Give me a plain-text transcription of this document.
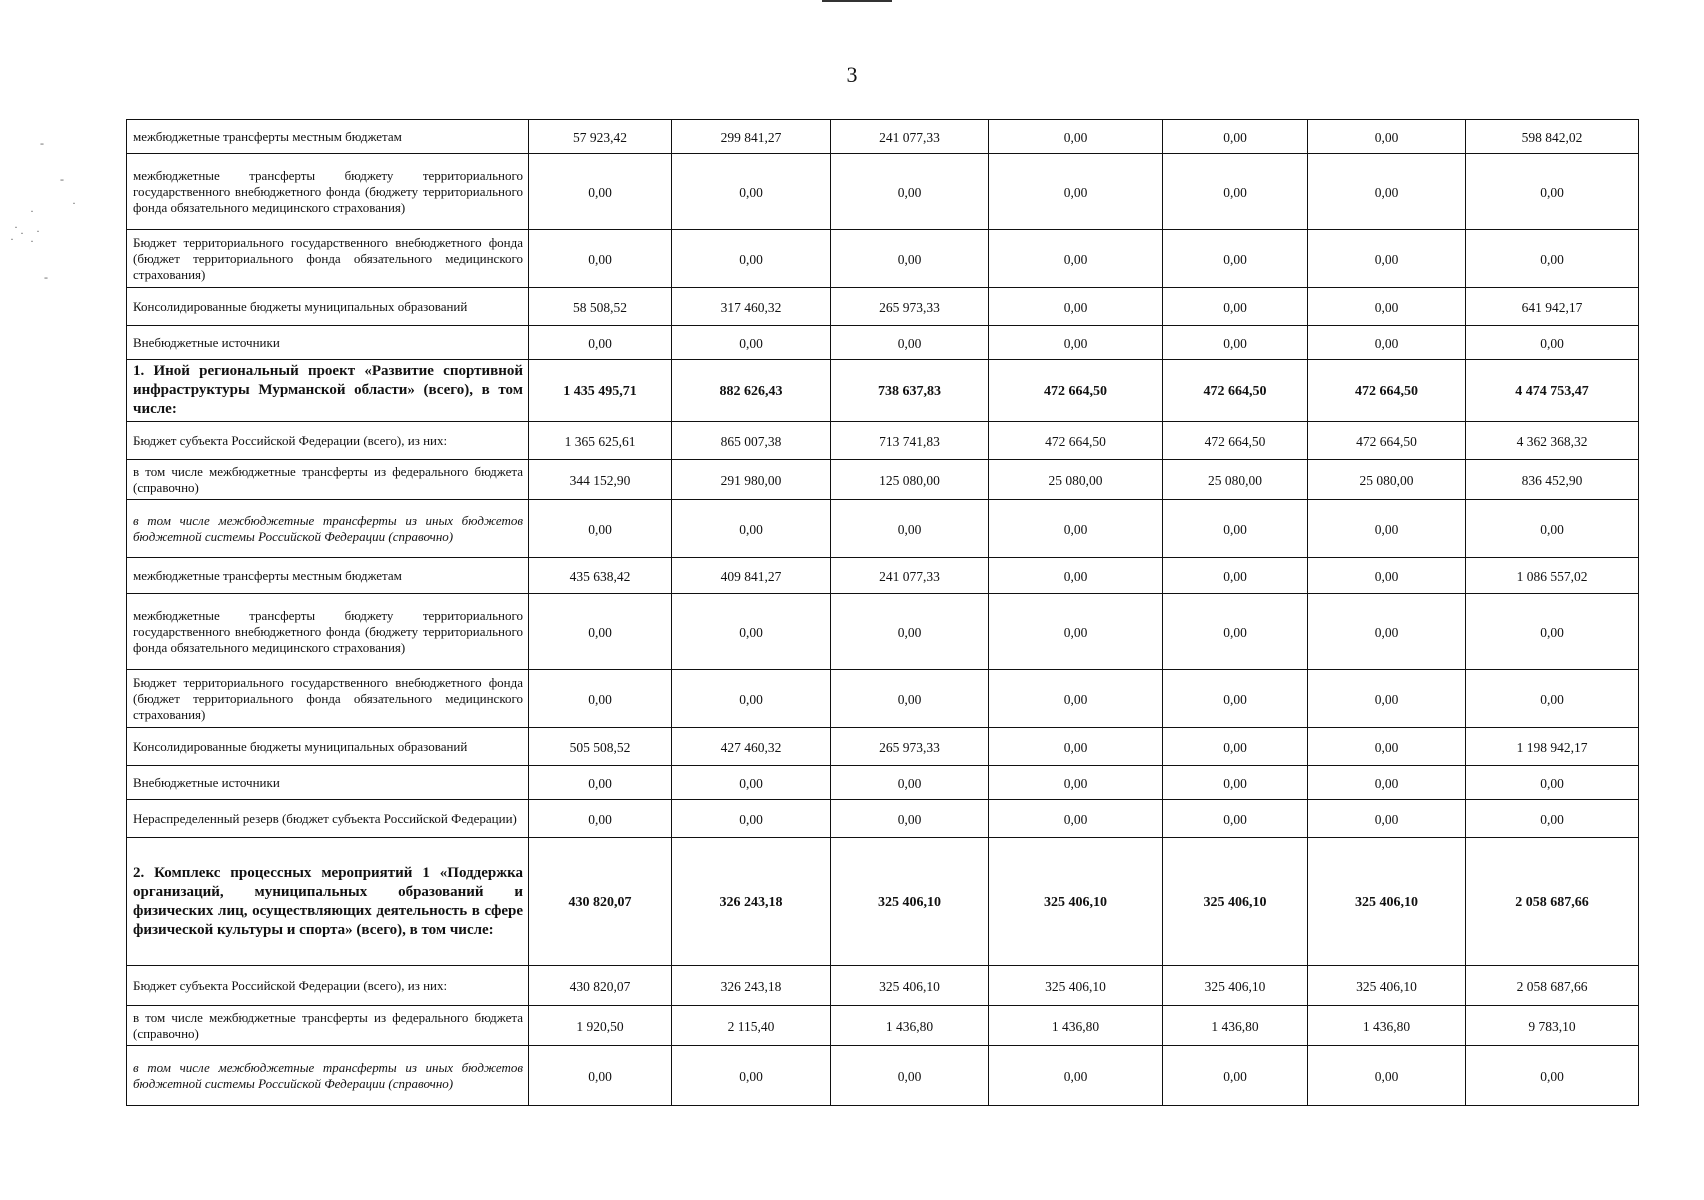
3
-
-
·
·
· ·
·
·
·
-
межбюджетные трансферты местным бюджетам	57 923,42	299 841,27	241 077,33	0,00	0,00	0,00	598 842,02
межбюджетные трансферты бюджету территориального государственного внебюджетного фонда (бюджету территориального фонда обязательного медицинского страхования)	0,00	0,00	0,00	0,00	0,00	0,00	0,00
Бюджет территориального государственного внебюджетного фонда (бюджет территориального фонда обязательного медицинского страхования)	0,00	0,00	0,00	0,00	0,00	0,00	0,00
Консолидированные бюджеты муниципальных образований	58 508,52	317 460,32	265 973,33	0,00	0,00	0,00	641 942,17
Внебюджетные источники	0,00	0,00	0,00	0,00	0,00	0,00	0,00
1. Иной региональный проект «Развитие спортивной инфраструктуры Мурманской области» (всего), в том числе:	1 435 495,71	882 626,43	738 637,83	472 664,50	472 664,50	472 664,50	4 474 753,47
Бюджет субъекта Российской Федерации (всего), из них:	1 365 625,61	865 007,38	713 741,83	472 664,50	472 664,50	472 664,50	4 362 368,32
в том числе межбюджетные трансферты из федерального бюджета (справочно)	344 152,90	291 980,00	125 080,00	25 080,00	25 080,00	25 080,00	836 452,90
в том числе межбюджетные трансферты из иных бюджетов бюджетной системы Российской Федерации (справочно)	0,00	0,00	0,00	0,00	0,00	0,00	0,00
межбюджетные трансферты местным бюджетам	435 638,42	409 841,27	241 077,33	0,00	0,00	0,00	1 086 557,02
межбюджетные трансферты бюджету территориального государственного внебюджетного фонда (бюджету территориального фонда обязательного медицинского страхования)	0,00	0,00	0,00	0,00	0,00	0,00	0,00
Бюджет территориального государственного внебюджетного фонда (бюджет территориального фонда обязательного медицинского страхования)	0,00	0,00	0,00	0,00	0,00	0,00	0,00
Консолидированные бюджеты муниципальных образований	505 508,52	427 460,32	265 973,33	0,00	0,00	0,00	1 198 942,17
Внебюджетные источники	0,00	0,00	0,00	0,00	0,00	0,00	0,00
Нераспределенный резерв (бюджет субъекта Российской Федерации)	0,00	0,00	0,00	0,00	0,00	0,00	0,00
2. Комплекс процессных мероприятий 1 «Поддержка организаций, муниципальных образований и физических лиц, осуществляющих деятельность в сфере физической культуры и спорта» (всего), в том числе:	430 820,07	326 243,18	325 406,10	325 406,10	325 406,10	325 406,10	2 058 687,66
Бюджет субъекта Российской Федерации (всего), из них:	430 820,07	326 243,18	325 406,10	325 406,10	325 406,10	325 406,10	2 058 687,66
в том числе межбюджетные трансферты из федерального бюджета (справочно)	1 920,50	2 115,40	1 436,80	1 436,80	1 436,80	1 436,80	9 783,10
в том числе межбюджетные трансферты из иных бюджетов бюджетной системы Российской Федерации (справочно)	0,00	0,00	0,00	0,00	0,00	0,00	0,00
